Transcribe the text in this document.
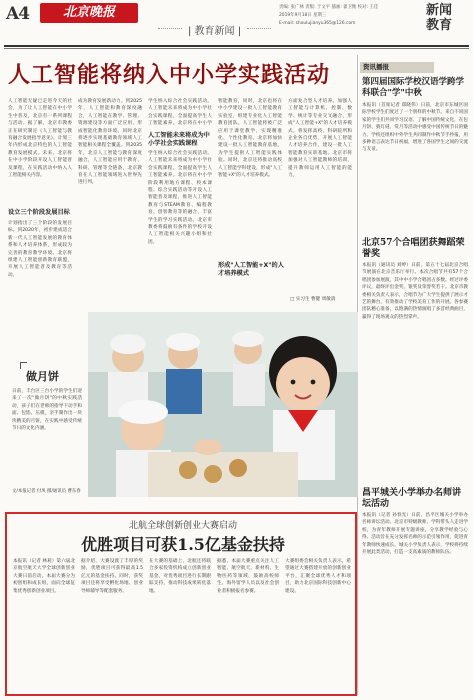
A4	北京晚报
| 教育新闻 |
责编: 张广林 责版: 于文平 插画: 翟卫衡 校对: 王佳
2019年9月18日 星期三
E-mail: shoulujianyu365@126.com
新闻 教育
人工智能将纳入中小学实践活动
人工智能无疑已走进今天的社会，为了让人工智能在中小学生中普及，北京有一系列课程与活动。据了解，北京市教委正在研究制定《人工智能与教育融合发展指导意见》，计划三年内形成北京特色的人工智能教育发展模式。未来，北京将在中小学阶段开设人工智能普及课程，在实践活动中纳入人工智能相关内容。
设立三个阶段发展目标
计划指出了三个阶段的发展目标。到2020年，初步建成适合新一代人工智能发展的教育体系和人才培养体系，形成较为完善的教育教学环境。北京将组建人工智能创新教育联盟，开展人工智能普及教育等活动。
成为教育发展新动力。到2025年，人工智能和教育深度融合，人工智能在教学、管理、资源建设等方面广泛应用，形成智能化教育环境。同时北京将逐步实现基础教育领域人工智能相关课程全覆盖。到2035年，北京人工智能与教育深度融合，人工智能应用于教育、科研、管理等全链条，北京教育在人工智能领域进入世界先进行列。
学生纳入综合社会实践活动。人工智能未来将成为中小学社会实践课程，全面提高学生人工智能素养。北京将在中小学
人工智能未来将成为中小学社会实践课程
学生纳入综合社会实践活动。人工智能未来将成为中小学社会实践课程，全面提高学生人工智能素养。北京将在中小学阶段利用地方课程、校本课程、综合实践活动等开设人工智能普及课程，推进人工智能教育与STEAM教育、编程教育、创客教育等的融合，丰富学生的学习实践活动。北京市教委将鼓励有条件的学校开设人工智能相关兴趣小组和社团。
智能教育，同时，北京也将在中小学建设一批人工智能教育实验室，组建专业化人工智能教育团队。人工智能将被广泛应用于课堂教学，实现精准化、个性化教育。北京将加快建设一批人工智能教育基地，为学生提供人工智能实践体验。同时，北京还将推动高校人工智能学科建设，形成"人工智能+X"的人才培养模式。
形成"人工智能+X"的人才培养模式
方面复合型人才培养。加强人工智能与计算机、控制、数学、统计等专业交叉融合，形成"人工智能+X"的人才培养模式。将发挥高校、科研院所和企业各自优势，开展人工智能人才培养合作，建设一批人工智能教育实训基地。北京市将加强对人工智能教师的培训，提升教师运用人工智能的能力。
□ 实习生 曹健 周敏鸽
资讯播报
第四届国际学校汉语学跨学科联合"学"中秋
本报讯（首席记者 郑晓伟）日前，北京市东城区国际学校学生们度过了一个别样的中秋节。来自不同国家的学生们共同学习汉语、了解中国传统文化，在包月饼、猜灯谜、赏月等活动中感受中国传统节日的魅力。学校还组织中外学生共同制作中秋节手抄报，用多种语言表达节日祝福，增进了各国学生之间的交流与友谊。
北京57个合唱团获舞蹈荣誉奖
本报讯（通讯员 刘婷）日前，第五十七届北京合唱节展演在北京音乐厅举行。本次合唱节共有57个合唱团参加展演，其中中小学合唱团占多数。经过评委评议，最终评出金奖、银奖及荣誉奖若干。北京市教委相关负责人表示，合唱节为广大学生提供了展示才艺的舞台，有效推动了学校美育工作的开展。各参赛团队精心准备，以饱满的热情演唱了多首经典曲目，赢得了现场观众的热烈掌声。
昌平城关小学举办名师讲坛活动
本报讯（记者 孙春光）日前，昌平区城关小学举办名师讲坛活动。北京市特级教师、学科带头人走进学校，为青年教师开展专题讲座，分享教学经验与心得。活动旨在充分发挥名师的示范引领作用，促进青年教师快速成长。城关小学负责人表示，学校将持续开展此类活动，打造一支高素质的教师队伍。
做月饼
日前，丰台区三台小学的学生们迎来了一次"做月饼"的中秋实践活动，孩子们在老师的指导下动手和面、包馅、压模，亲手制作出一块块精美的月饼，在实践中感受传统节日的文化内涵。
文/本报记者 付凤 摄/通讯员 曹东春
北航全球创新创业大赛启动
优胜项目可获1.5亿基金扶持
本报讯（记者 林莉）第六届北京航空航天大学全球创新创业大赛日前启动。本届大赛分为初创组和成长组，面向全球征集优秀创新创业项目。
据介绍，大赛设置了丰厚的奖励，优胜项目可获得最高1.5亿元的基金扶持。同时，获奖项目还将享受孵化场地、创业导师辅导等配套服务。
在大赛的基础上，北航还将联合多家投资机构成立创新创业基金，对优秀项目进行长期跟踪支持，推动科技成果转化落地。
据悉，本届大赛重点关注人工智能、航空航天、新材料、生物医药等领域，鼓励高校师生、海外留学人员以及社会创业者积极报名参赛。
大赛组委会相关负责人表示，希望通过大赛搭建开放的创新创业平台，汇聚全球优秀人才和项目，助力北京国际科技创新中心建设。
